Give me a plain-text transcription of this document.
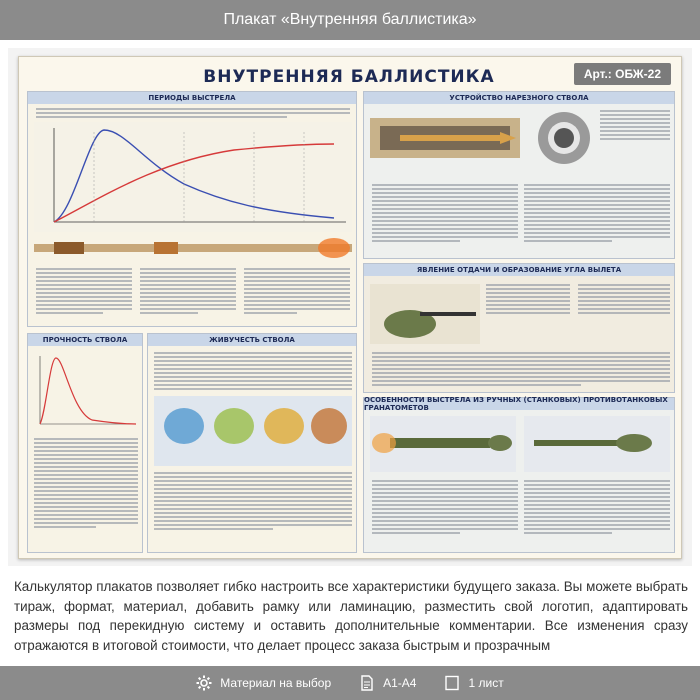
Плакат «Внутренняя баллистика»
ВНУТРЕННЯЯ БАЛЛИСТИКА	Арт.: ОБЖ-22
ПЕРИОДЫ ВЫСТРЕЛА	УСТРОЙСТВО НАРЕЗНОГО СТВОЛА
ЯВЛЕНИЕ ОТДАЧИ И ОБРАЗОВАНИЕ УГЛА ВЫЛЕТА
ПРОЧНОСТЬ СТВОЛА	ЖИВУЧЕСТЬ СТВОЛА
ОСОБЕННОСТИ ВЫСТРЕЛА ИЗ РУЧНЫХ (СТАНКОВЫХ) ПРОТИВОТАНКОВЫХ ГРАНАТОМЕТОВ
Калькулятор плакатов позволяет гибко настроить все характеристики будущего заказа. Вы можете выбрать тираж, формат, материал, добавить рамку или ламинацию, разместить свой логотип, адаптировать размеры под перекидную систему и оставить дополнительные комментарии. Все изменения сразу отражаются в итоговой стоимости, что делает процесс заказа быстрым и прозрачным
Материал на выбор	А1-А4	1 лист
